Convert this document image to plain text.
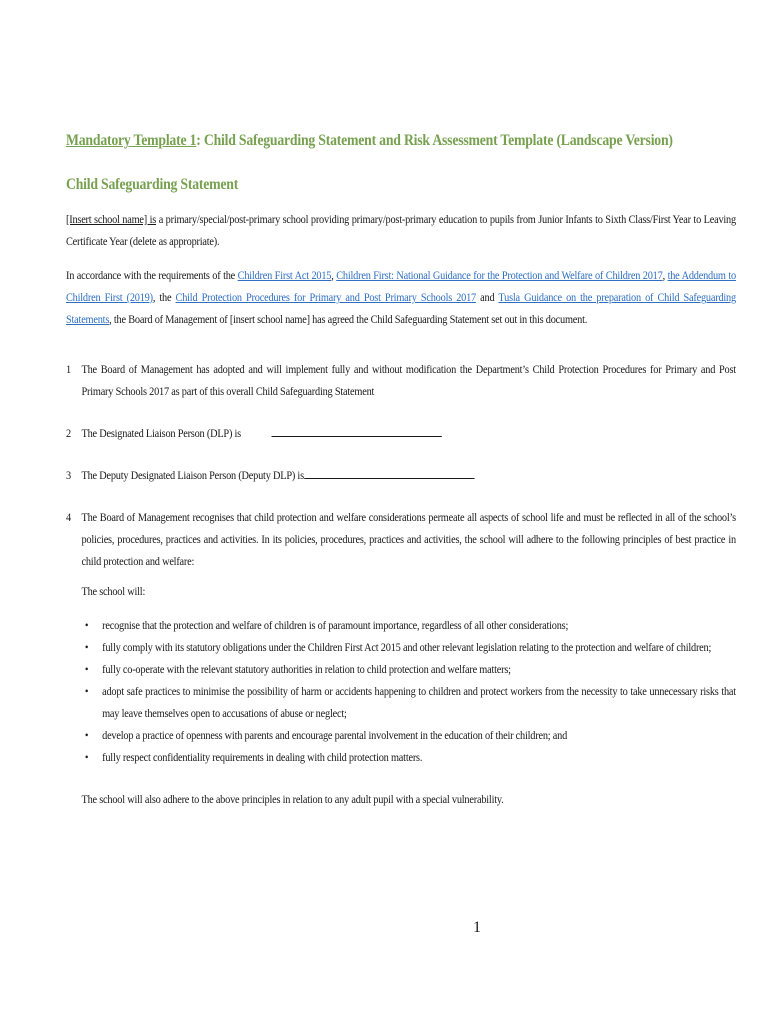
Mandatory Template 1: Child Safeguarding Statement and Risk Assessment Template (Landscape Version)
Child Safeguarding Statement

[Insert school name] is a primary/special/post-primary school providing primary/post-primary education to pupils from Junior Infants to Sixth Class/First Year to Leaving Certificate Year (delete as appropriate).

In accordance with the requirements of the Children First Act 2015, Children First: National Guidance for the Protection and Welfare of Children 2017, the Addendum to Children First (2019), the Child Protection Procedures for Primary and Post Primary Schools 2017 and Tusla Guidance on the preparation of Child Safeguarding Statements, the Board of Management of [insert school name] has agreed the Child Safeguarding Statement set out in this document.

1 The Board of Management has adopted and will implement fully and without modification the Department’s Child Protection Procedures for Primary and Post Primary Schools 2017 as part of this overall Child Safeguarding Statement
2 The Designated Liaison Person (DLP) is
3 The Deputy Designated Liaison Person (Deputy DLP) is
4 The Board of Management recognises that child protection and welfare considerations permeate all aspects of school life and must be reflected in all of the school’s policies, procedures, practices and activities. In its policies, procedures, practices and activities, the school will adhere to the following principles of best practice in child protection and welfare:
The school will:
•	recognise that the protection and welfare of children is of paramount importance, regardless of all other considerations;
•	fully comply with its statutory obligations under the Children First Act 2015 and other relevant legislation relating to the protection and welfare of children;
•	fully co-operate with the relevant statutory authorities in relation to child protection and welfare matters;
•	adopt safe practices to minimise the possibility of harm or accidents happening to children and protect workers from the necessity to take unnecessary risks that may leave themselves open to accusations of abuse or neglect;
•	develop a practice of openness with parents and encourage parental involvement in the education of their children; and
•	fully respect confidentiality requirements in dealing with child protection matters.
The school will also adhere to the above principles in relation to any adult pupil with a special vulnerability.
1
